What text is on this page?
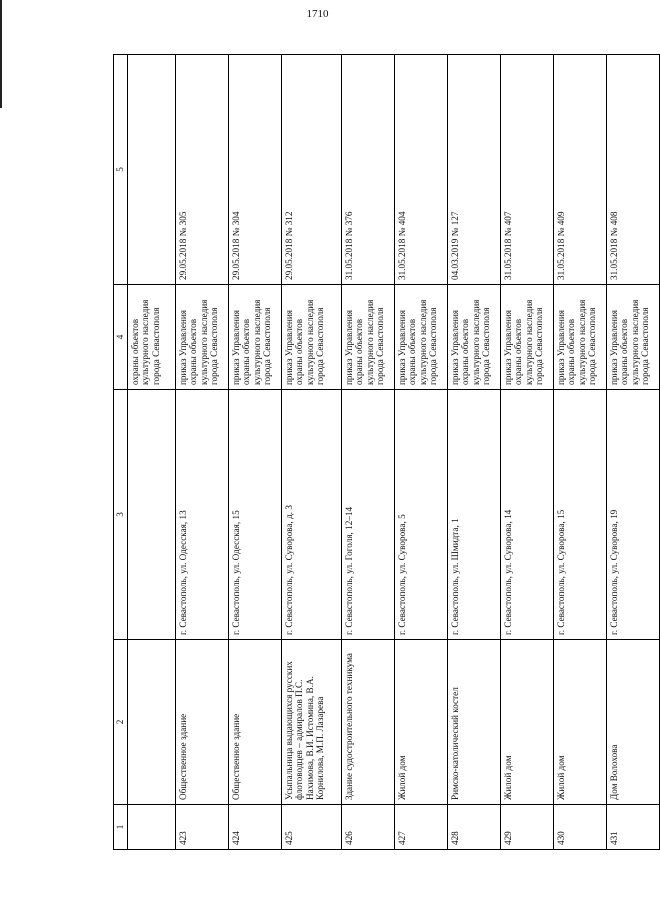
1710
1	2	3	4	5
			охраны объектов культурного наследия города Севастополя	
423	Общественное здание	г. Севастополь, ул. Одесская, 13	приказ Управления охраны объектов культурного наследия города Севастополя	29.05.2018 № 305
424	Общественное здание	г. Севастополь, ул. Одесская, 15	приказ Управления охраны объектов культурного наследия города Севастополя	29.05.2018 № 304
425	Усыпальница выдающихся русских флотоводцев – адмиралов П.С. Нахимова, В.И. Истомина, В.А. Корнилова, М.П. Лазарева	г. Севастополь, ул. Суворова, д. 3	приказ Управления охраны объектов культурного наследия города Севастополя	29.05.2018 № 312
426	Здание судостроительного техникума	г. Севастополь, ул. Гоголя, 12–14	приказ Управления охраны объектов культурного наследия города Севастополя	31.05.2018 № 376
427	Жилой дом	г. Севастополь, ул. Суворова, 5	приказ Управления охраны объектов культурного наследия города Севастополя	31.05.2018 № 404
428	Римско-католический костел	г. Севастополь, ул. Шмидта, 1	приказ Управления охраны объектов культурного наследия города Севастополя	04.03.2019 № 127
429	Жилой дом	г. Севастополь, ул. Суворова, 14	приказ Управления охраны объектов культурного наследия города Севастополя	31.05.2018 № 407
430	Жилой дом	г. Севастополь, ул. Суворова, 15	приказ Управления охраны объектов культурного наследия города Севастополя	31.05.2018 № 409
431	Дом Волохова	г. Севастополь, ул. Суворова, 19	приказ Управления охраны объектов культурного наследия города Севастополя	31.05.2018 № 408
